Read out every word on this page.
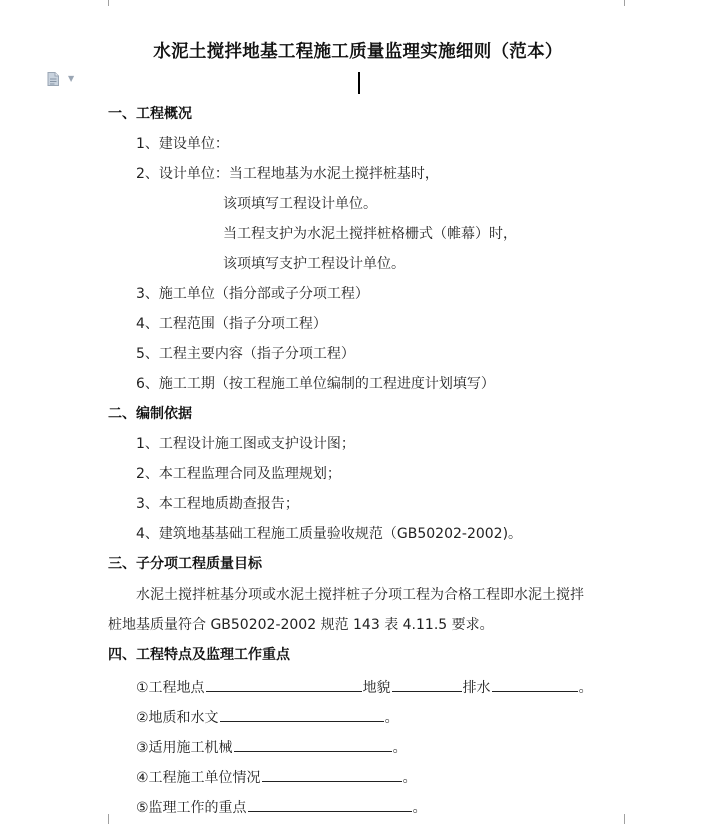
▼
水泥土搅拌地基工程施工质量监理实施细则（范本）
一、工程概况
1、建设单位：
2、设计单位：当工程地基为水泥土搅拌桩基时，
该项填写工程设计单位。
当工程支护为水泥土搅拌桩格栅式（帷幕）时，
该项填写支护工程设计单位。
3、施工单位（指分部或子分项工程）
4、工程范围（指子分项工程）
5、工程主要内容（指子分项工程）
6、施工工期（按工程施工单位编制的工程进度计划填写）
二、编制依据
1、工程设计施工图或支护设计图；
2、本工程监理合同及监理规划；
3、本工程地质勘查报告；
4、建筑地基基础工程施工质量验收规范（GB50202-2002)。
三、子分项工程质量目标
水泥土搅拌桩基分项或水泥土搅拌桩子分项工程为合格工程即水泥土搅拌
桩地基质量符合 GB50202-2002 规范 143 表 4.11.5 要求。
四、工程特点及监理工作重点
①工程地点	地貌	排水	。
②地质和水文	。
③适用施工机械	。
④工程施工单位情况	。
⑤监理工作的重点	。
